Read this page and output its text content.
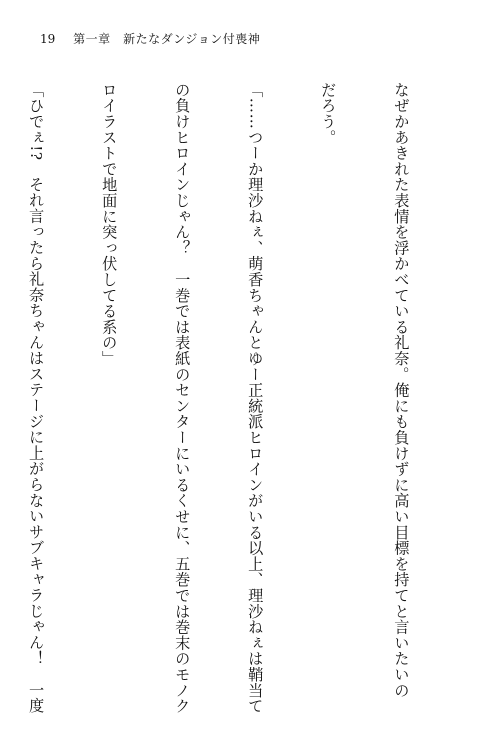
19 第一章　新たなダンジョン付喪神

なぜかあきれた表情を浮かべている礼奈。俺にも負けずに高い目標を持てと言いたいの

だろう。

「……つーか理沙ねぇ、萌香ちゃんとゆー正統派ヒロインがいる以上、理沙ねぇは鞘当て

の負けヒロインじゃん？　一巻では表紙のセンターにいるくせに、五巻では巻末のモノク

ロイラストで地面に突っ伏してる系の」

「ひでぇ!?　それ言ったら礼奈ちゃんはステージに上がらないサブキャラじゃん！　一度
